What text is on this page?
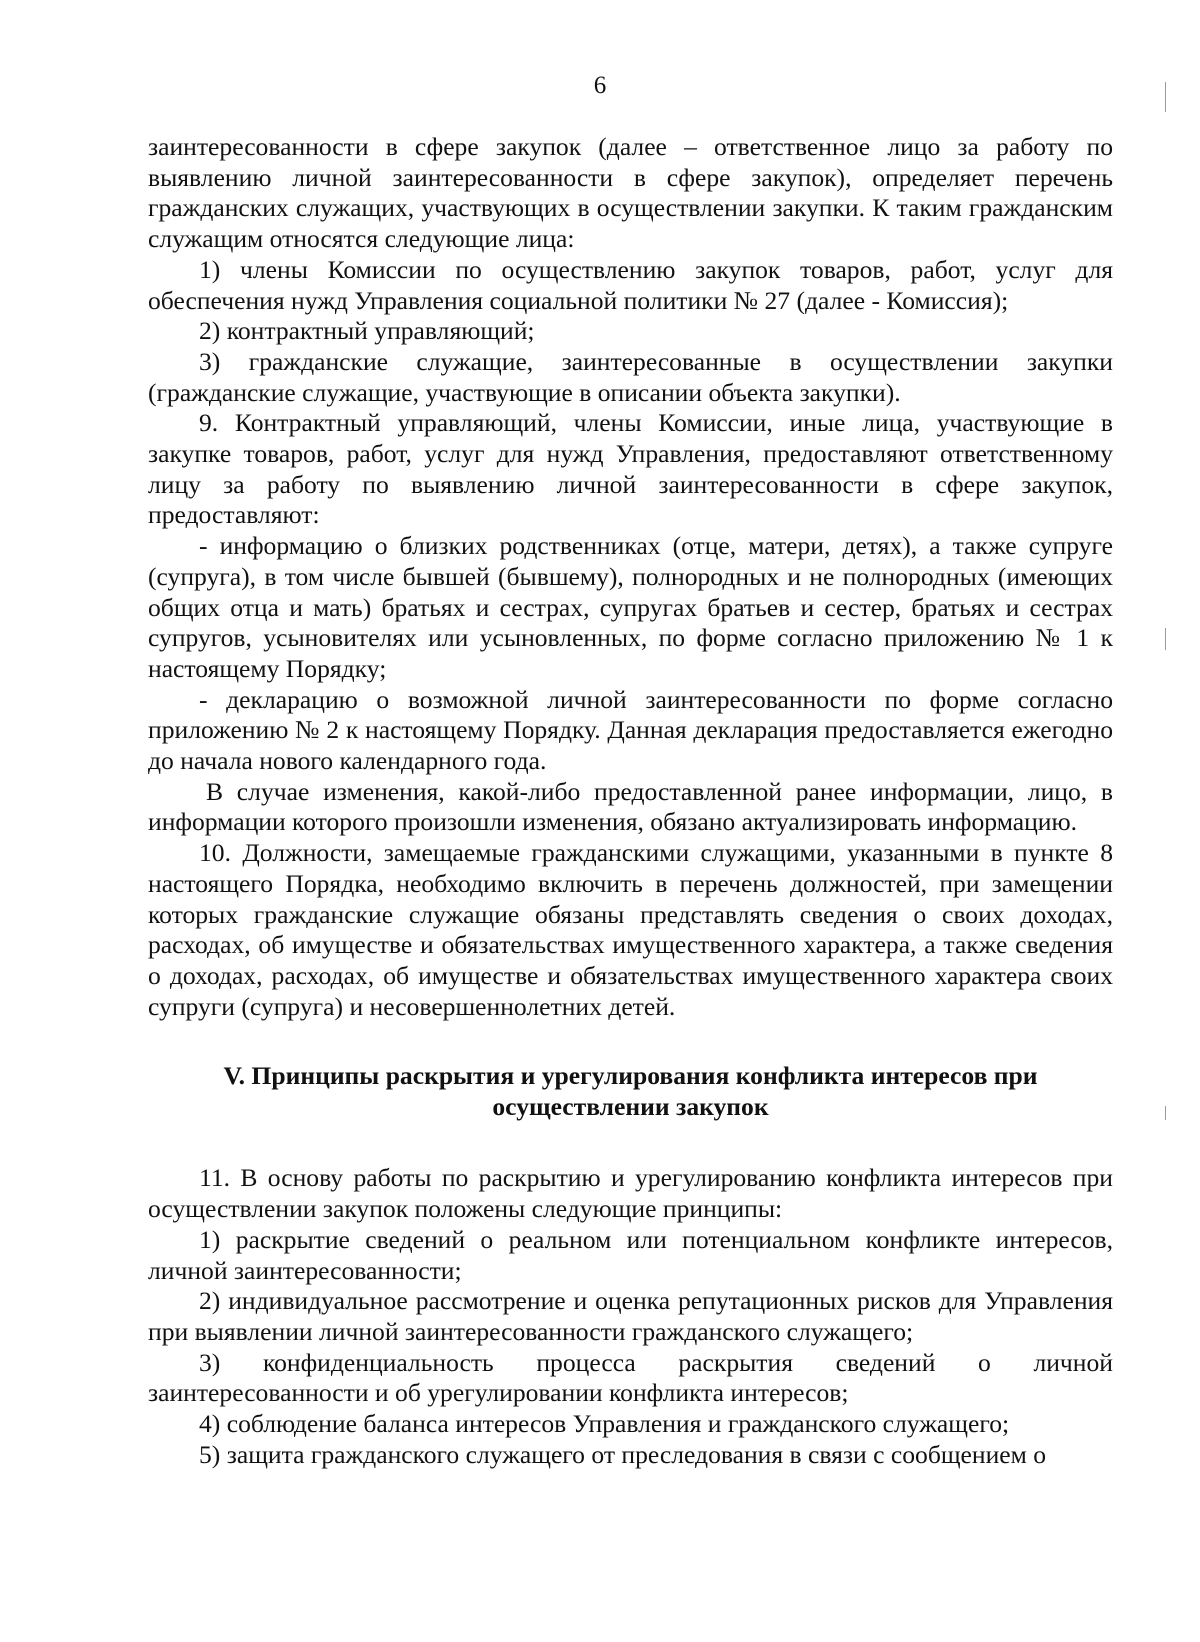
6

заинтересованности в сфере закупок (далее – ответственное лицо за работу по выявлению личной заинтересованности в сфере закупок), определяет перечень гражданских служащих, участвующих в осуществлении закупки. К таким гражданским служащим относятся следующие лица:

1) члены Комиссии по осуществлению закупок товаров, работ, услуг для обеспечения нужд Управления социальной политики № 27 (далее - Комиссия);

2) контрактный управляющий;

3) гражданские служащие, заинтересованные в осуществлении закупки (гражданские служащие, участвующие в описании объекта закупки).

9. Контрактный управляющий, члены Комиссии, иные лица, участвующие в закупке товаров, работ, услуг для нужд Управления, предоставляют ответственному лицу за работу по выявлению личной заинтересованности в сфере закупок, предоставляют:

- информацию о близких родственниках (отце, матери, детях), а также супруге (супруга), в том числе бывшей (бывшему), полнородных и не полнородных (имеющих общих отца и мать) братьях и сестрах, супругах братьев и сестер, братьях и сестрах супругов, усыновителях или усыновленных, по форме согласно приложению № 1 к настоящему Порядку;

- декларацию о возможной личной заинтересованности по форме согласно приложению № 2 к настоящему Порядку. Данная декларация предоставляется ежегодно до начала нового календарного года.

В случае изменения, какой-либо предоставленной ранее информации, лицо, в информации которого произошли изменения, обязано актуализировать информацию.

10. Должности, замещаемые гражданскими служащими, указанными в пункте 8 настоящего Порядка, необходимо включить в перечень должностей, при замещении которых гражданские служащие обязаны представлять сведения о своих доходах, расходах, об имуществе и обязательствах имущественного характера, а также сведения о доходах, расходах, об имуществе и обязательствах имущественного характера своих супруги (супруга) и несовершеннолетних детей.

V. Принципы раскрытия и урегулирования конфликта интересов при
осуществлении закупок

11. В основу работы по раскрытию и урегулированию конфликта интересов при осуществлении закупок положены следующие принципы:

1) раскрытие сведений о реальном или потенциальном конфликте интересов, личной заинтересованности;

2) индивидуальное рассмотрение и оценка репутационных рисков для Управления при выявлении личной заинтересованности гражданского служащего;

3) конфиденциальность процесса раскрытия сведений о личной заинтересованности и об урегулировании конфликта интересов;

4) соблюдение баланса интересов Управления и гражданского служащего;

5) защита гражданского служащего от преследования в связи с сообщением о
